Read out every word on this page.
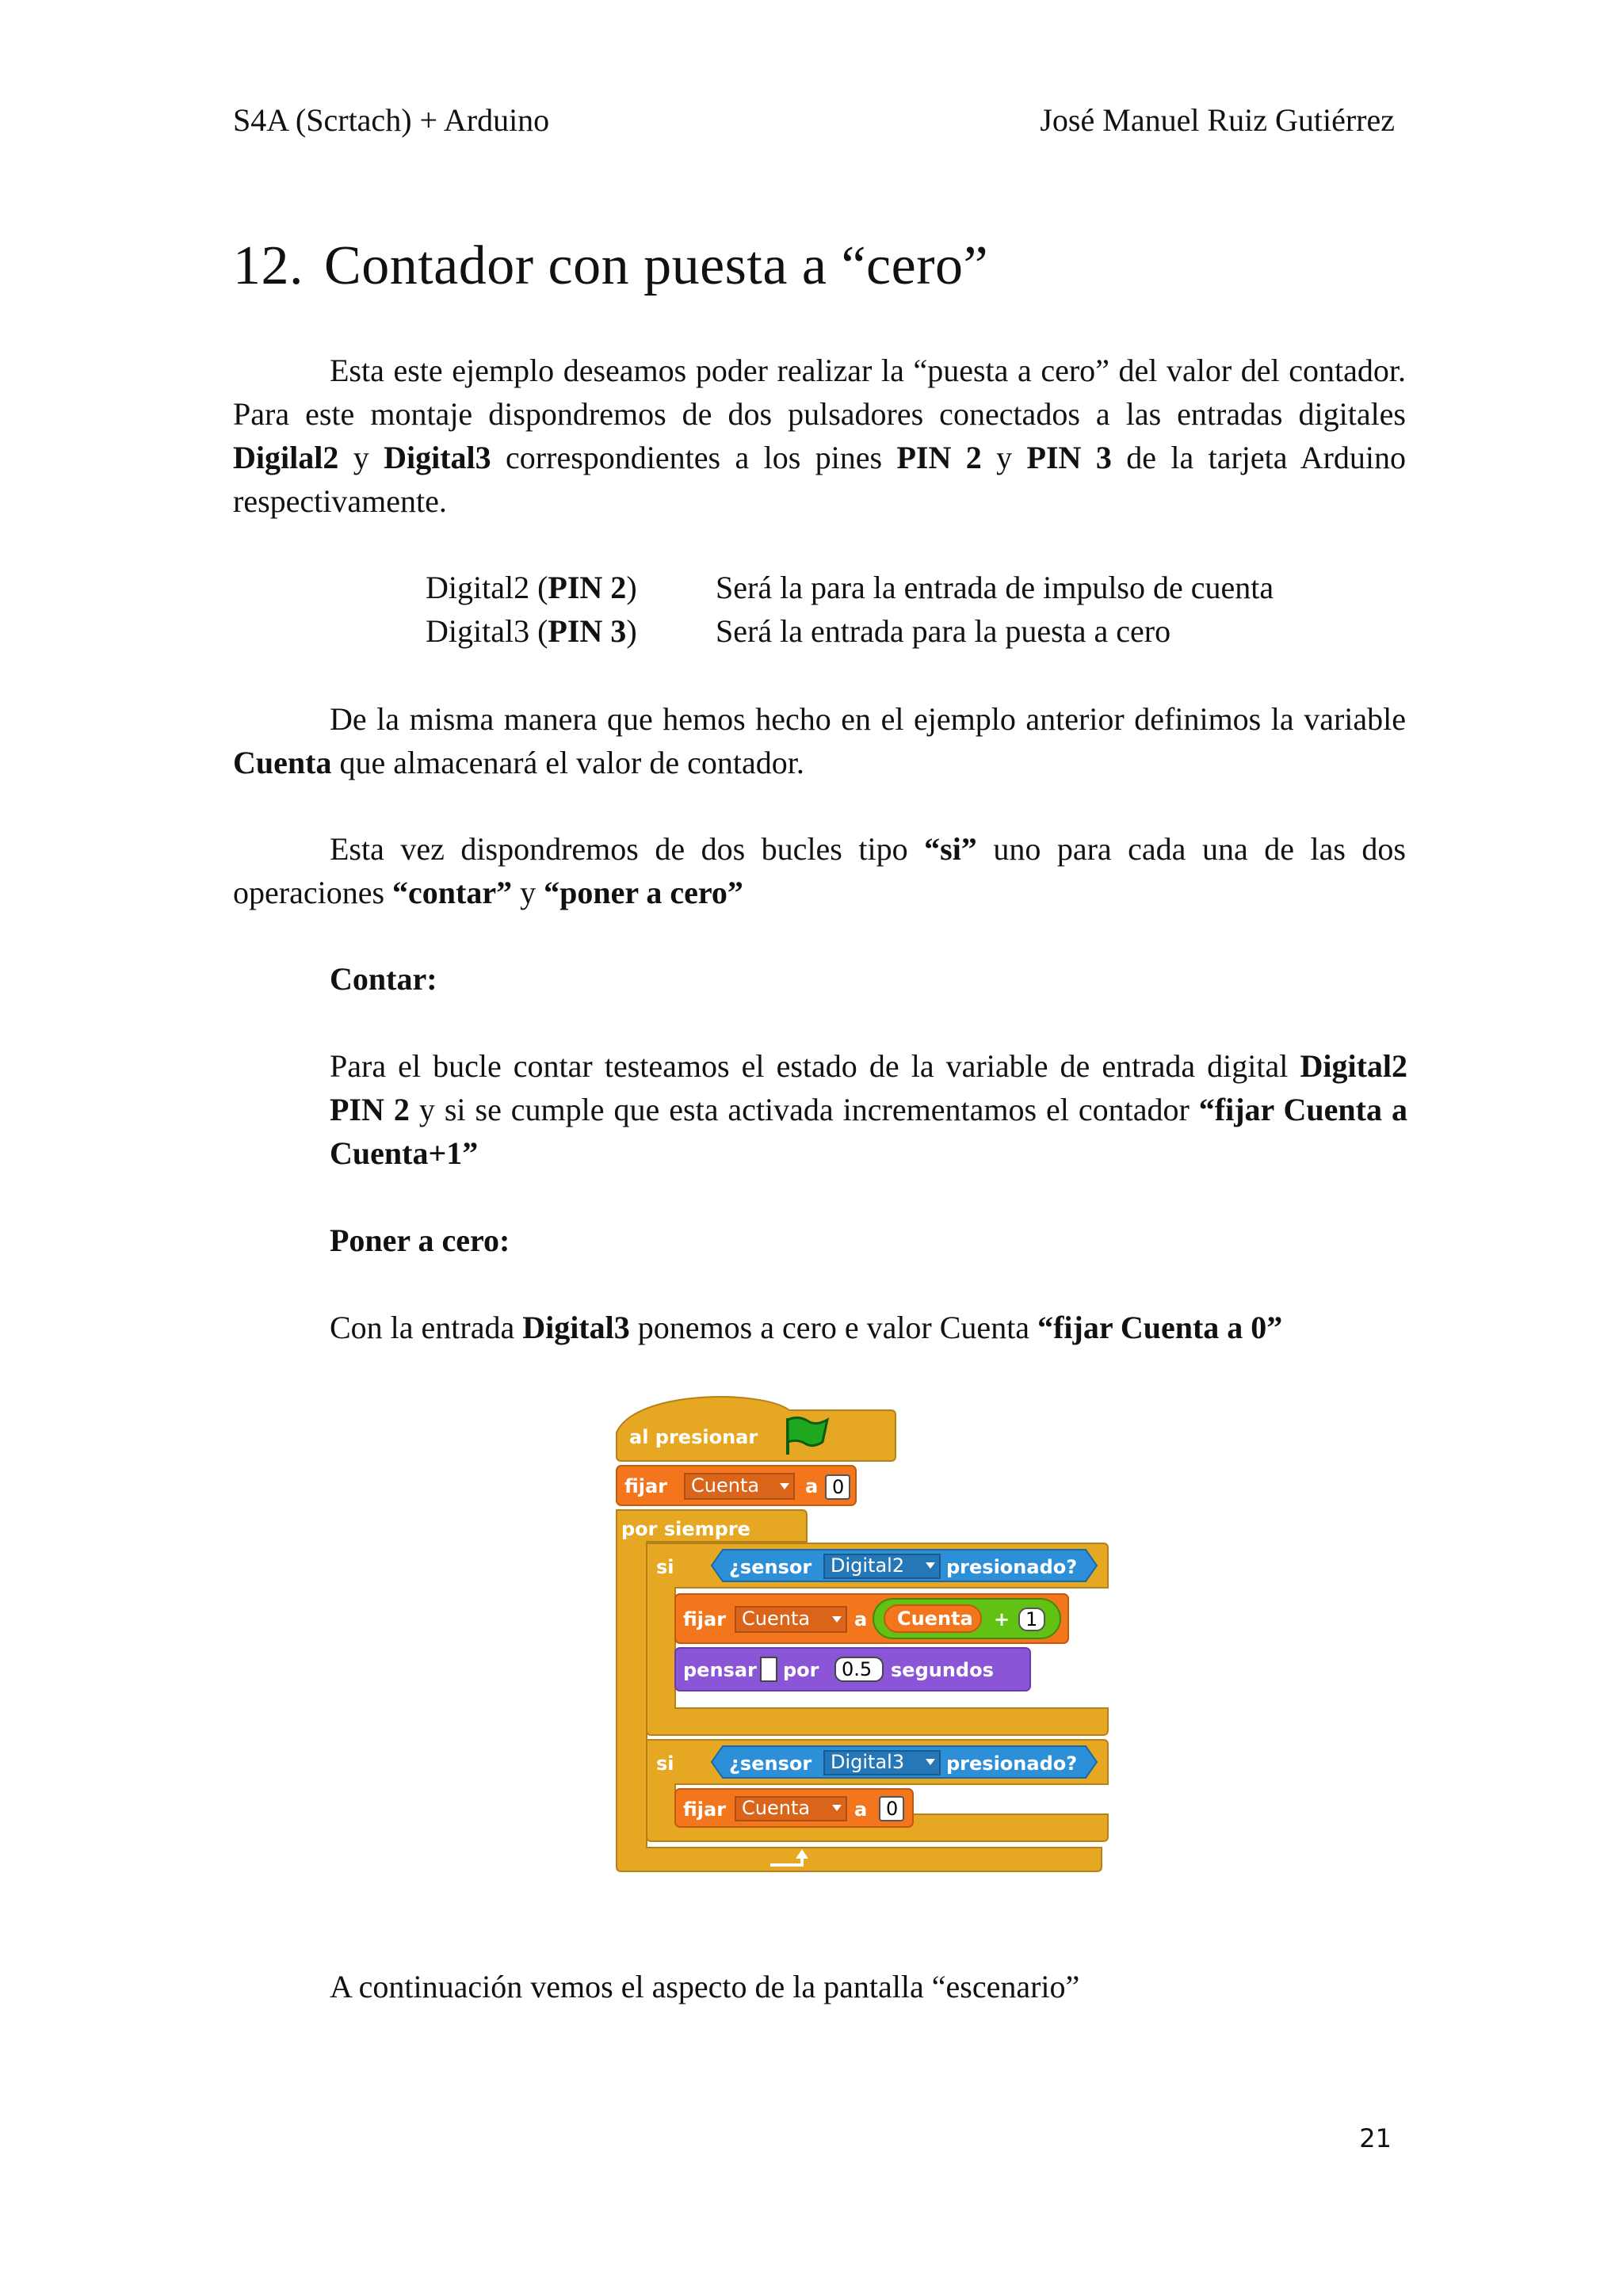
S4A (Scrtach) + Arduino	José Manuel Ruiz Gutiérrez
12. Contador con puesta a “cero”

Esta este ejemplo deseamos poder realizar la “puesta a cero” del valor del contador. Para este montaje dispondremos de dos pulsadores conectados a las entradas digitales Digilal2 y Digital3 correspondientes a los pines PIN 2 y PIN 3 de la tarjeta Arduino respectivamente.

Digital2 (PIN 2) Será la para la entrada de impulso de cuenta
Digital3 (PIN 3) Será la entrada para la puesta a cero

De la misma manera que hemos hecho en el ejemplo anterior definimos la variable Cuenta que almacenará el valor de contador.

Esta vez dispondremos de dos bucles tipo “si” uno para cada una de las dos operaciones “contar” y “poner a cero”

Contar:

Para el bucle contar testeamos el estado de la variable de entrada digital Digital2 PIN 2 y si se cumple que esta activada incrementamos el contador “fijar Cuenta a Cuenta+1”

Poner a cero:

Con la entrada Digital3 ponemos a cero e valor Cuenta “fijar Cuenta a 0”

al presionar
fijar Cuenta a 0
por siempre
si	¿sensor Digital2 presionado?
fijar Cuenta a Cuenta + 1
pensar por 0.5 segundos
si	¿sensor Digital3 presionado?
fijar Cuenta a 0

A continuación vemos el aspecto de la pantalla “escenario”

21
